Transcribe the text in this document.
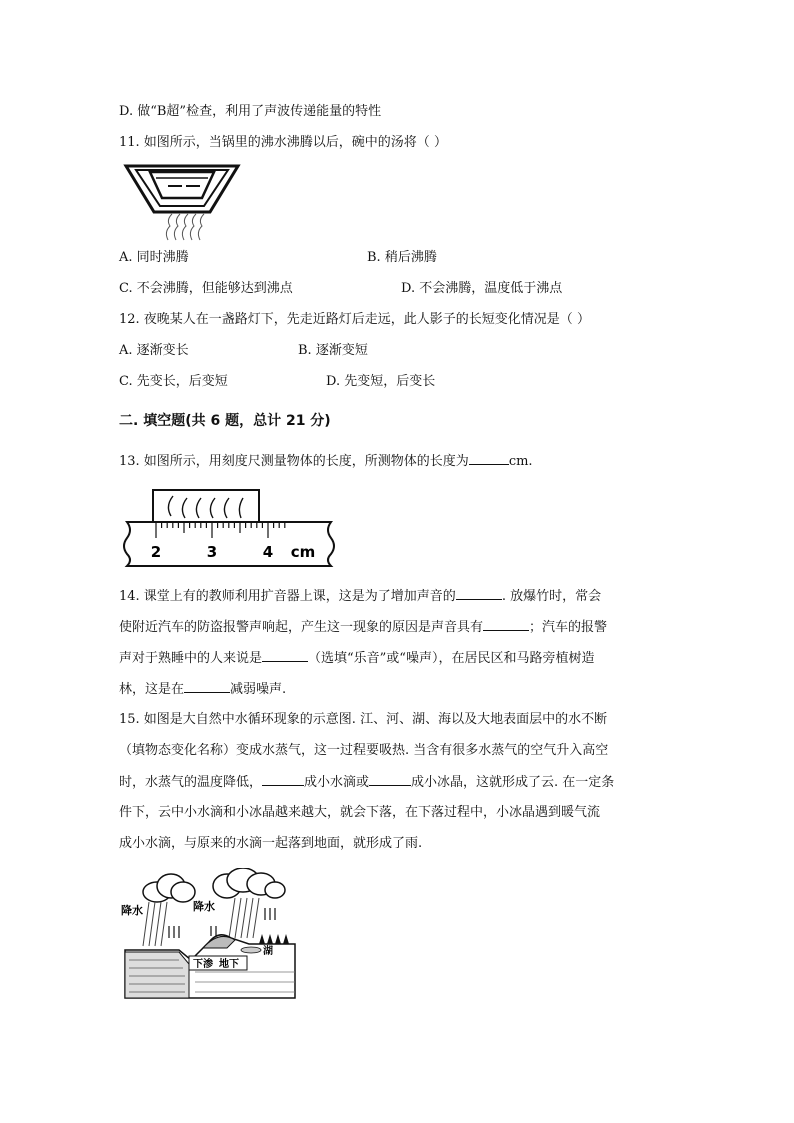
D. 做“B超”检查，利用了声波传递能量的特性
11. 如图所示，当锅里的沸水沸腾以后，碗中的汤将（ ）
A. 同时沸腾	B. 稍后沸腾
C. 不会沸腾，但能够达到沸点	D. 不会沸腾，温度低于沸点
12. 夜晚某人在一盏路灯下，先走近路灯后走远，此人影子的长短变化情况是（ ）
A. 逐渐变长	B. 逐渐变短
C. 先变长，后变短	D. 先变短，后变长
二. 填空题(共 6 题，总计 21 分)
13. 如图所示，用刻度尺测量物体的长度，所测物体的长度为	cm.
2	3	4 cm
14. 课堂上有的教师利用扩音器上课，这是为了增加声音的	. 放爆竹时，常会
使附近汽车的防盗报警声响起，产生这一现象的原因是声音具有	；汽车的报警
声对于熟睡中的人来说是	（选填“乐音”或“噪声），在居民区和马路旁植树造
林，这是在	减弱噪声.
15. 如图是大自然中水循环现象的示意图. 江、河、湖、海以及大地表面层中的水不断
（填物态变化名称）变成水蒸气，这一过程要吸热. 当含有很多水蒸气的空气升入高空
时，水蒸气的温度降低，	成小水滴或	成小冰晶，这就形成了云. 在一定条
件下，云中小水滴和小冰晶越来越大，就会下落，在下落过程中，小冰晶遇到暖气流
成小水滴，与原来的水滴一起落到地面，就形成了雨.
降水	降水
湖
下渗 地下
